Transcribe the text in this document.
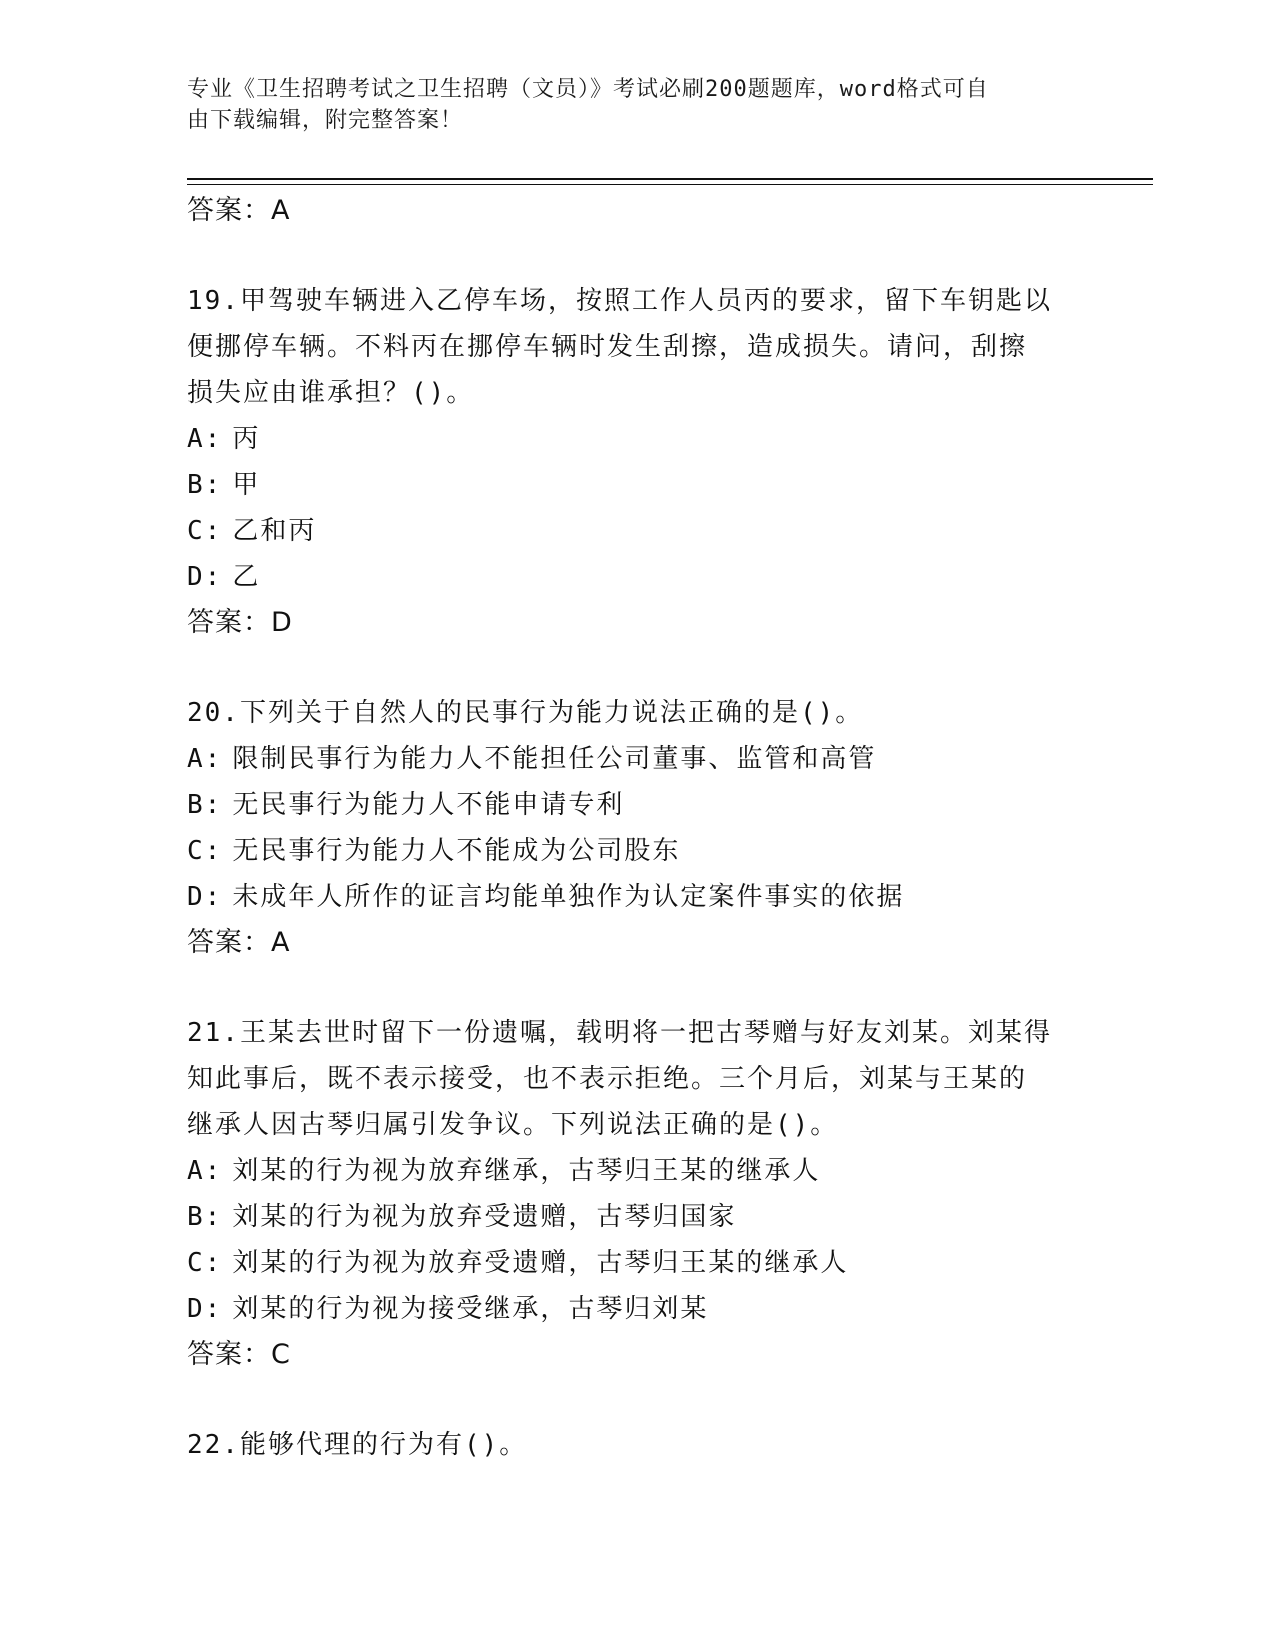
专业《卫生招聘考试之卫生招聘（文员）》考试必刷200题题库，word格式可自
由下载编辑，附完整答案！
答案：A
19.甲驾驶车辆进入乙停车场，按照工作人员丙的要求，留下车钥匙以
便挪停车辆。不料丙在挪停车辆时发生刮擦，造成损失。请问，刮擦
损失应由谁承担？()。
A: 丙
B: 甲
C: 乙和丙
D: 乙
答案：D
20.下列关于自然人的民事行为能力说法正确的是()。
A: 限制民事行为能力人不能担任公司董事、监管和高管
B: 无民事行为能力人不能申请专利
C: 无民事行为能力人不能成为公司股东
D: 未成年人所作的证言均能单独作为认定案件事实的依据
答案：A
21.王某去世时留下一份遗嘱，载明将一把古琴赠与好友刘某。刘某得
知此事后，既不表示接受，也不表示拒绝。三个月后，刘某与王某的
继承人因古琴归属引发争议。下列说法正确的是()。
A: 刘某的行为视为放弃继承，古琴归王某的继承人
B: 刘某的行为视为放弃受遗赠，古琴归国家
C: 刘某的行为视为放弃受遗赠，古琴归王某的继承人
D: 刘某的行为视为接受继承，古琴归刘某
答案：C
22.能够代理的行为有()。
